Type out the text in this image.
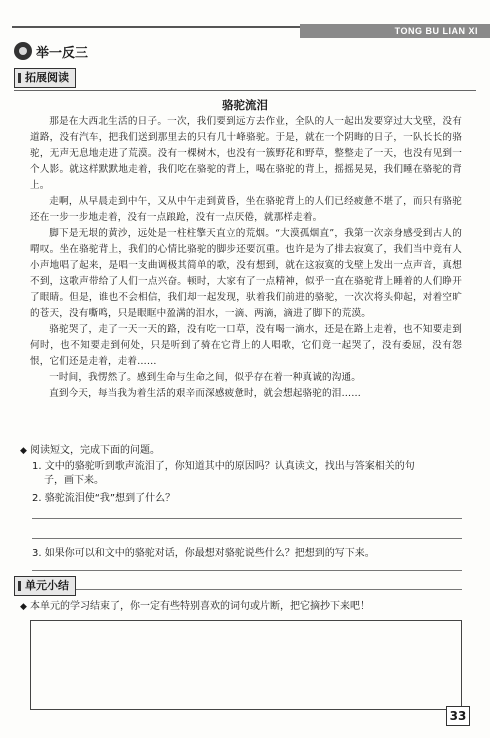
TONG BU LIAN XI
举一反三
拓展阅读
骆驼流泪

那是在大西北生活的日子。一次，我们要到远方去作业，全队的人一起出发要穿过大戈壁，没有道路，没有汽车，把我们送到那里去的只有几十峰骆驼。于是，就在一个阴晦的日子，一队长长的骆驼，无声无息地走进了荒漠。没有一棵树木，也没有一簇野花和野草，整整走了一天，也没有见到一个人影。就这样默默地走着，我们吃在骆驼的背上，喝在骆驼的背上，摇摇晃晃，我们睡在骆驼的背上。

走啊，从早晨走到中午，又从中午走到黄昏，坐在骆驼背上的人们已经疲惫不堪了，而只有骆驼还在一步一步地走着，没有一点踉跄，没有一点厌倦，就那样走着。

脚下是无垠的黄沙，远处是一柱柱擎天直立的荒烟。“大漠孤烟直”，我第一次亲身感受到古人的喟叹。坐在骆驼背上，我们的心情比骆驼的脚步还要沉重。也许是为了排去寂寞了，我们当中竟有人小声地唱了起来，是唱一支曲调极其简单的歌，没有想到，就在这寂寞的戈壁上发出一点声音，真想不到，这歌声带给了人们一点兴奋。顿时，大家有了一点精神，似乎一直在骆驼背上睡着的人们睁开了眼睛。但是，谁也不会相信，我们却一起发现，驮着我们前进的骆驼，一次次将头仰起，对着空旷的苍天，没有嘶鸣，只是眼眶中盈满的泪水，一滴、两滴，滴进了脚下的荒漠。

骆驼哭了，走了一天一天的路，没有吃一口草，没有喝一滴水，还是在路上走着，也不知要走到何时，也不知要走到何处，只是听到了骑在它背上的人唱歌，它们竟一起哭了，没有委屈，没有怨恨，它们还是走着，走着……

一时间，我愣然了。感到生命与生命之间，似乎存在着一种真诚的沟通。

直到今天，每当我为着生活的艰辛而深感疲惫时，就会想起骆驼的泪……

◆ 阅读短文，完成下面的问题。
1. 文中的骆驼听到歌声流泪了，你知道其中的原因吗？认真读文，找出与答案相关的句
子，画下来。
2. 骆驼流泪使“我”想到了什么？
3. 如果你可以和文中的骆驼对话，你最想对骆驼说些什么？把想到的写下来。
单元小结
◆ 本单元的学习结束了，你一定有些特别喜欢的词句或片断，把它摘抄下来吧！
33
